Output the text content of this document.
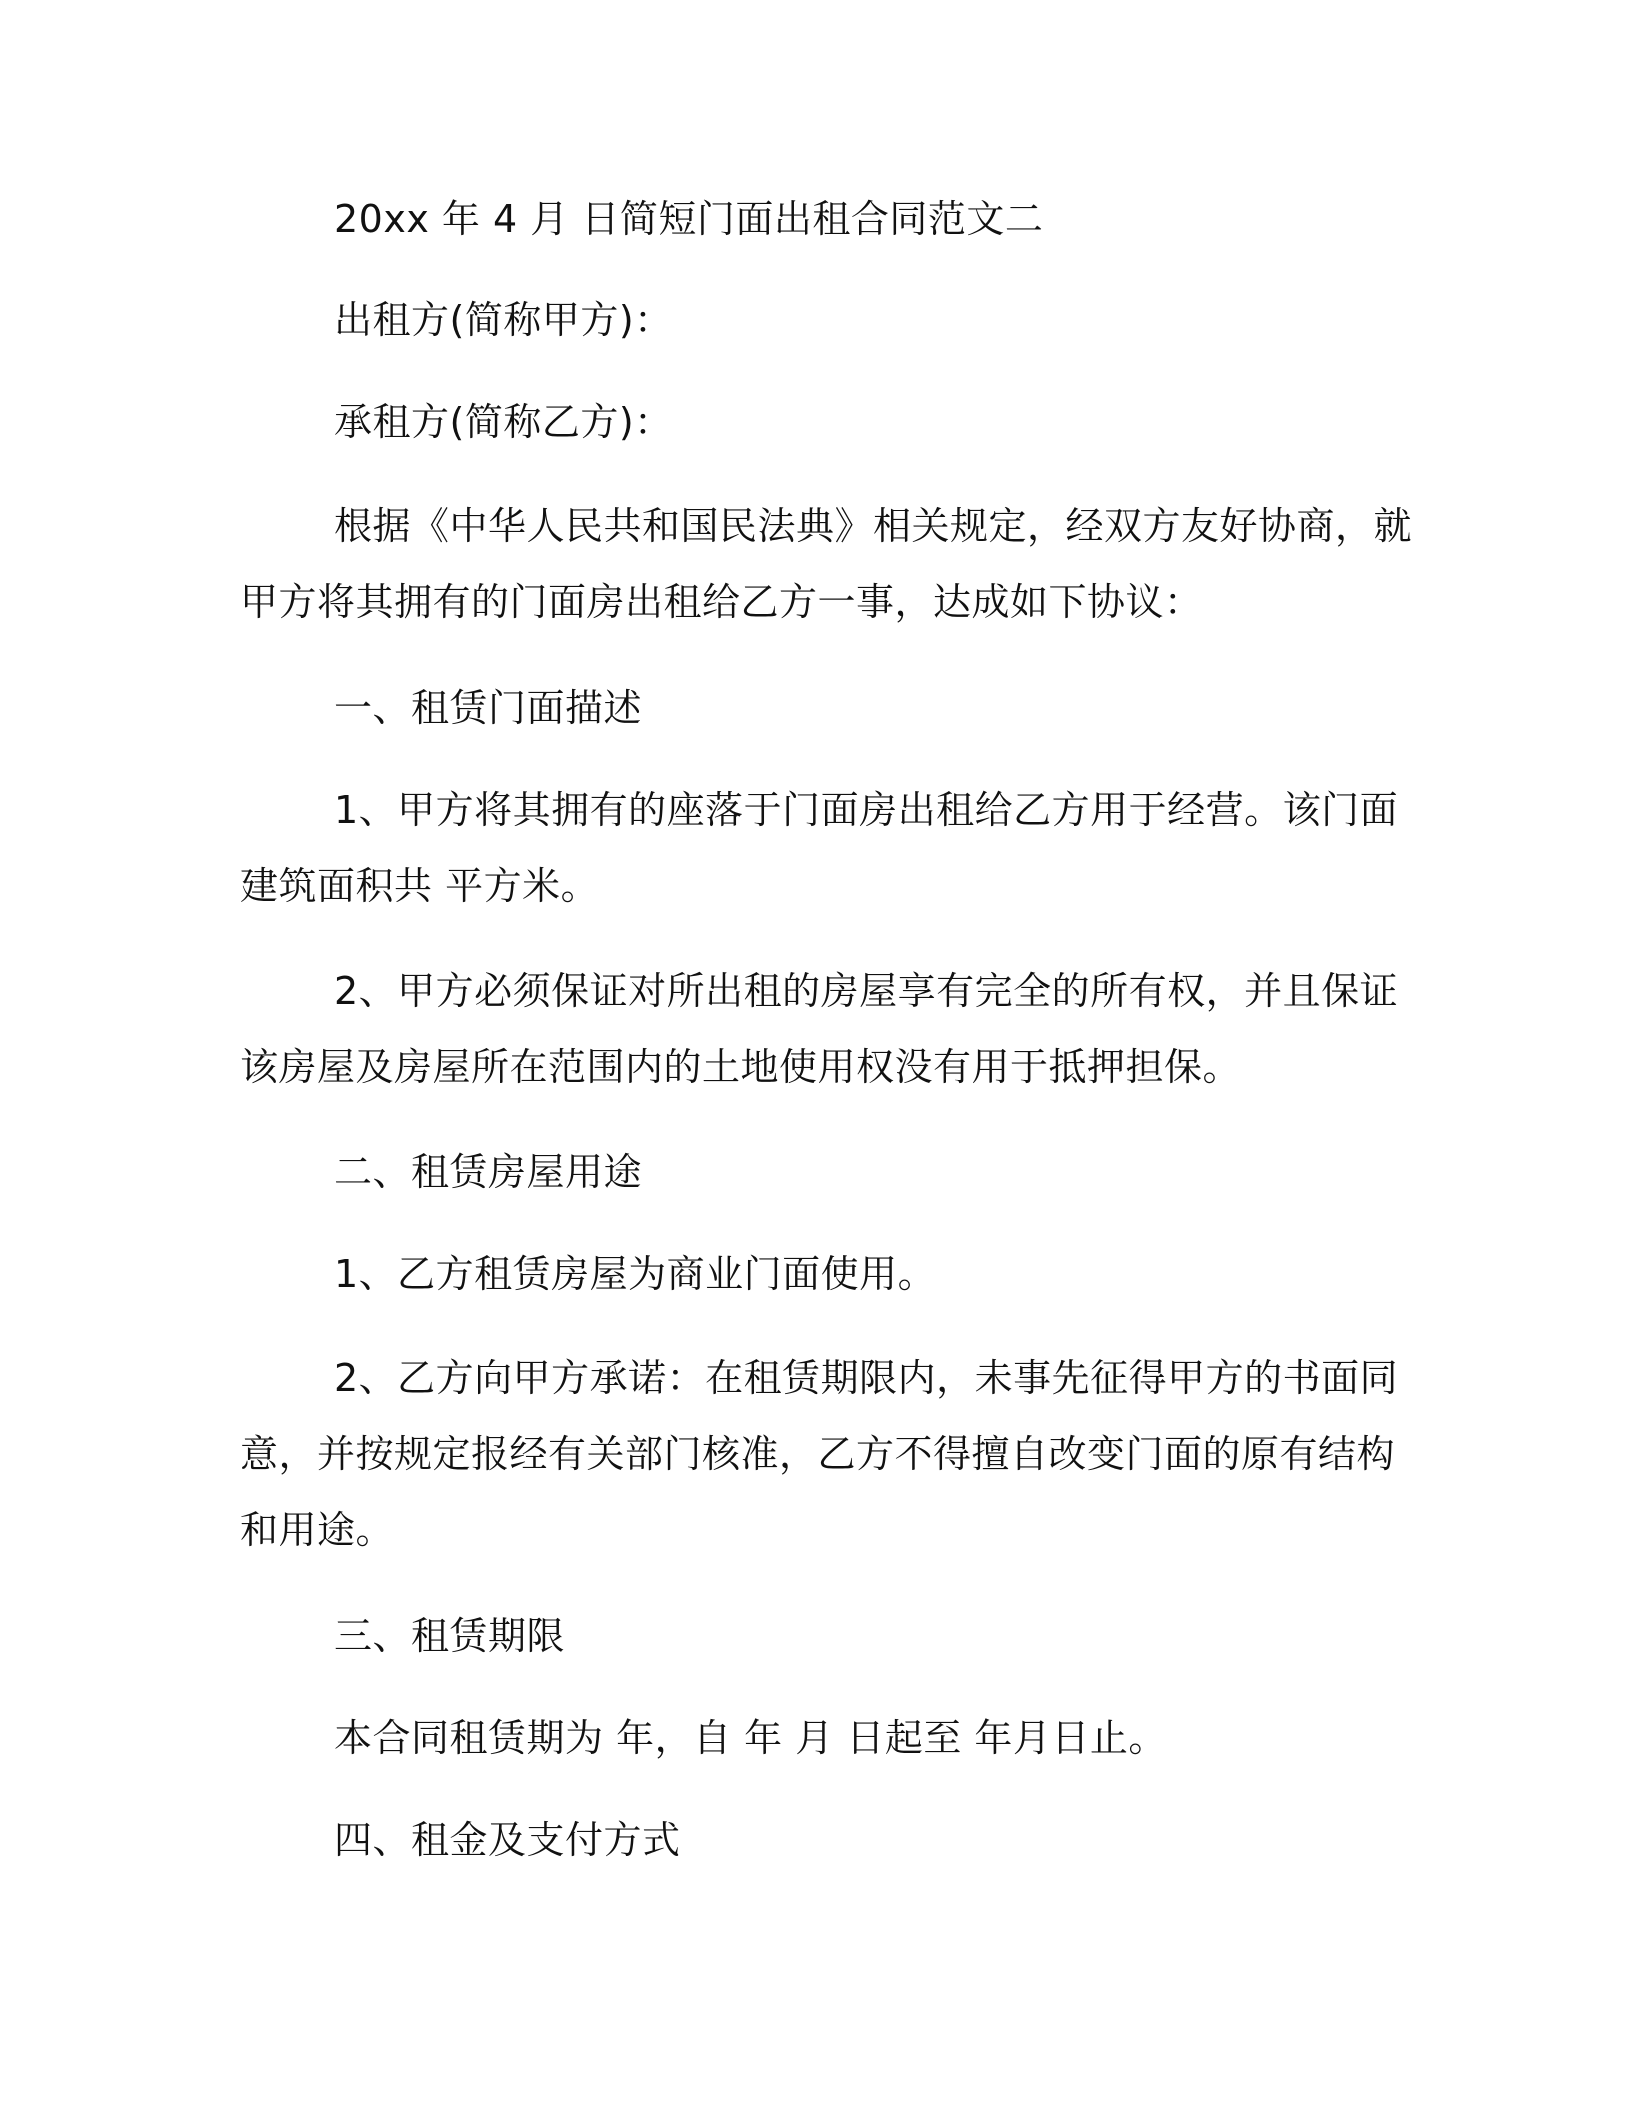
20xx 年 4 月 日简短门面出租合同范文二
出租方(简称甲方)：
承租方(简称乙方)：
根据《中华人民共和国民法典》相关规定，经双方友好协商，就
甲方将其拥有的门面房出租给乙方一事，达成如下协议：
一、租赁门面描述
1、甲方将其拥有的座落于门面房出租给乙方用于经营。该门面
建筑面积共 平方米。
2、甲方必须保证对所出租的房屋享有完全的所有权，并且保证
该房屋及房屋所在范围内的土地使用权没有用于抵押担保。
二、租赁房屋用途
1、乙方租赁房屋为商业门面使用。
2、乙方向甲方承诺：在租赁期限内，未事先征得甲方的书面同
意，并按规定报经有关部门核准，乙方不得擅自改变门面的原有结构
和用途。
三、租赁期限
本合同租赁期为 年，自 年 月 日起至 年月日止。
四、租金及支付方式
